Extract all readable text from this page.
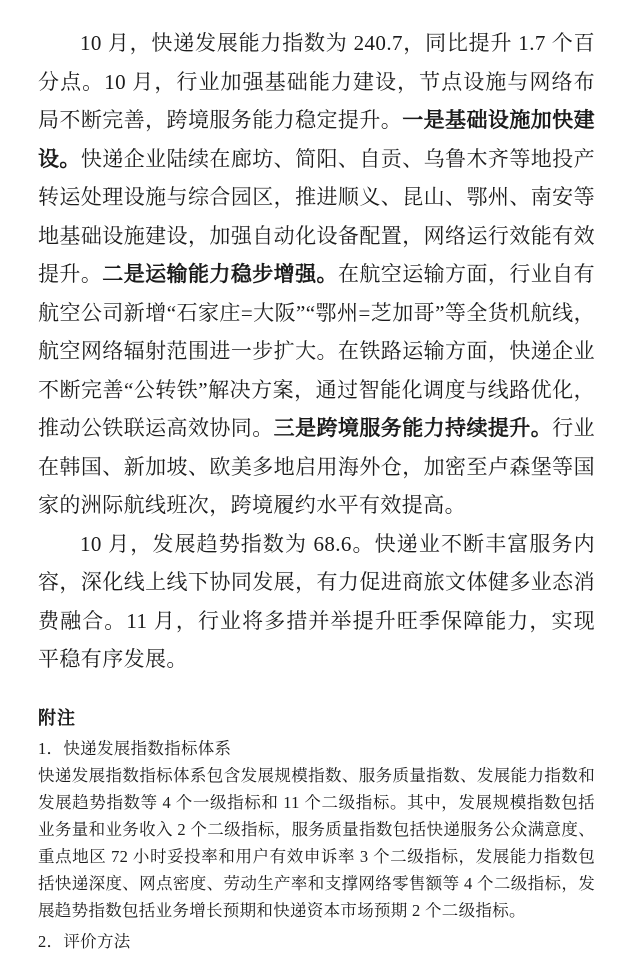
10 月，快递发展能力指数为 240.7，同比提升 1.7 个百分点。10 月，行业加强基础能力建设，节点设施与网络布局不断完善，跨境服务能力稳定提升。一是基础设施加快建设。快递企业陆续在廊坊、简阳、自贡、乌鲁木齐等地投产转运处理设施与综合园区，推进顺义、昆山、鄂州、南安等地基础设施建设，加强自动化设备配置，网络运行效能有效提升。二是运输能力稳步增强。在航空运输方面，行业自有航空公司新增“石家庄=大阪”“鄂州=芝加哥”等全货机航线，航空网络辐射范围进一步扩大。在铁路运输方面，快递企业不断完善“公转铁”解决方案，通过智能化调度与线路优化，推动公铁联运高效协同。三是跨境服务能力持续提升。行业在韩国、新加坡、欧美多地启用海外仓，加密至卢森堡等国家的洲际航线班次，跨境履约水平有效提高。

10 月，发展趋势指数为 68.6。快递业不断丰富服务内容，深化线上线下协同发展，有力促进商旅文体健多业态消费融合。11 月，行业将多措并举提升旺季保障能力，实现平稳有序发展。

附注
1．快递发展指数指标体系
快递发展指数指标体系包含发展规模指数、服务质量指数、发展能力指数和发展趋势指数等 4 个一级指标和 11 个二级指标。其中，发展规模指数包括业务量和业务收入 2 个二级指标，服务质量指数包括快递服务公众满意度、重点地区 72 小时妥投率和用户有效申诉率 3 个二级指标，发展能力指数包括快递深度、网点密度、劳动生产率和支撑网络零售额等 4 个二级指标，发展趋势指数包括业务增长预期和快递资本市场预期 2 个二级指标。
2．评价方法
